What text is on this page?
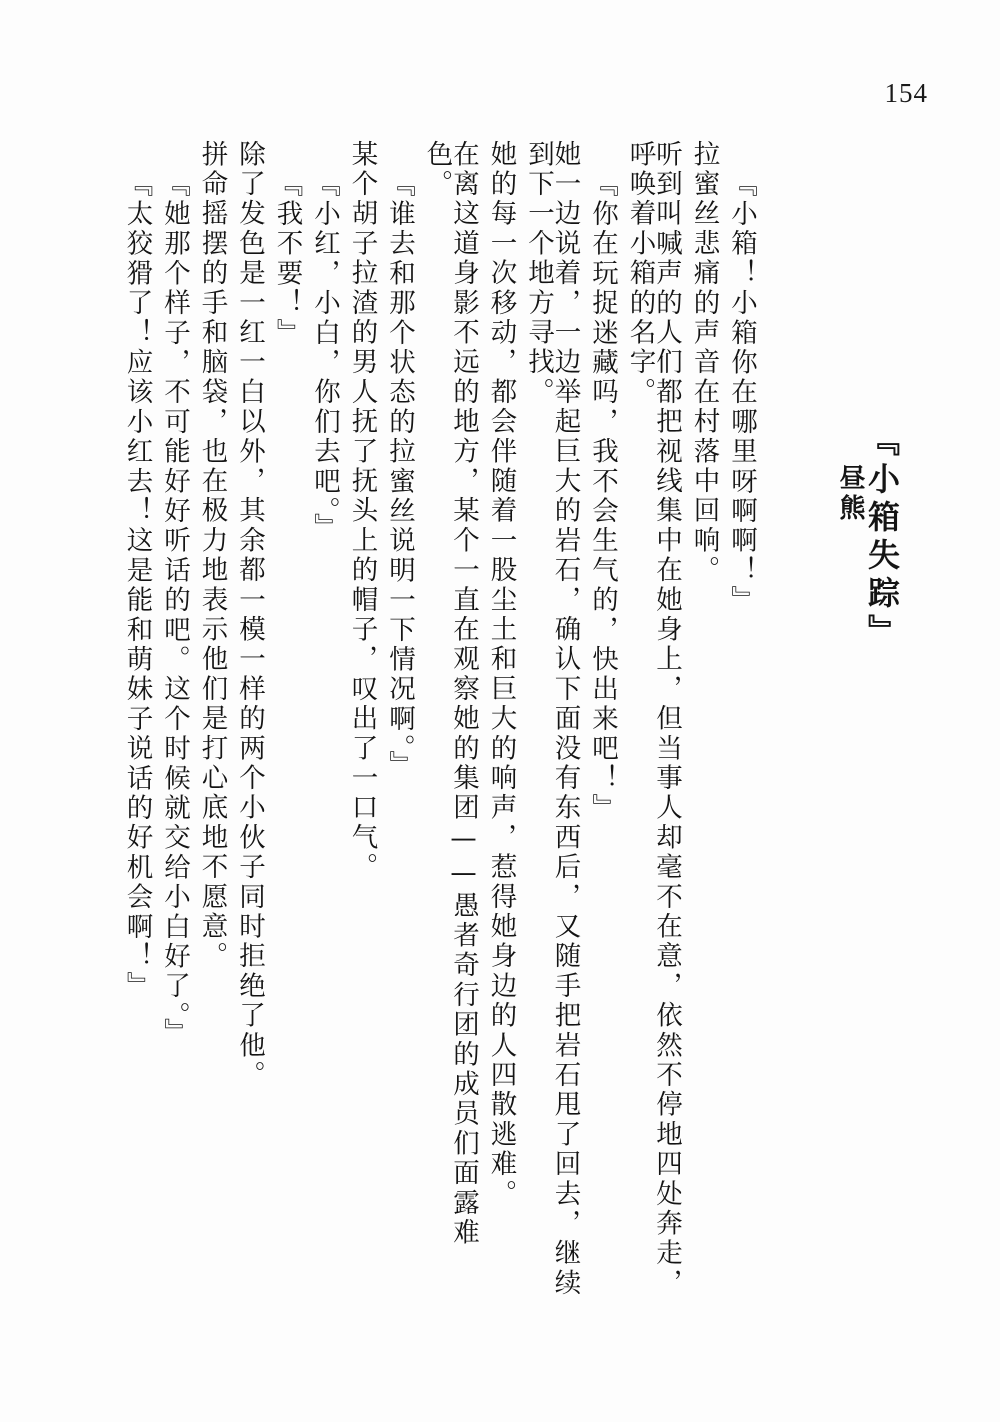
154

『小箱失踪』
昼熊

『小箱！小箱你在哪里呀啊啊！』
拉蜜丝悲痛的声音在村落中回响。
听到叫喊声的人们都把视线集中在她身上，但当事人却毫不在意，依然不停地四处奔走，呼唤着小箱的名字。
『你在玩捉迷藏吗，我不会生气的，快出来吧！』
她一边说着，一边举起巨大的岩石，确认下面没有东西后，又随手把岩石甩了回去，继续到下一个地方寻找。
她的每一次移动，都会伴随着一股尘土和巨大的响声，惹得她身边的人四散逃难。
在离这道身影不远的地方，某个一直在观察她的集团——愚者奇行团的成员们面露难色。
『谁去和那个状态的拉蜜丝说明一下情况啊。』
某个胡子拉渣的男人抚了抚头上的帽子，叹出了一口气。
『小红，小白，你们去吧。』
『我不要！』
除了发色是一红一白以外，其余都一模一样的两个小伙子同时拒绝了他。
拼命摇摆的手和脑袋，也在极力地表示他们是打心底地不愿意。
『她那个样子，不可能好好听话的吧。这个时候就交给小白好了。』
『太狡猾了！应该小红去！这是能和萌妹子说话的好机会啊！』
